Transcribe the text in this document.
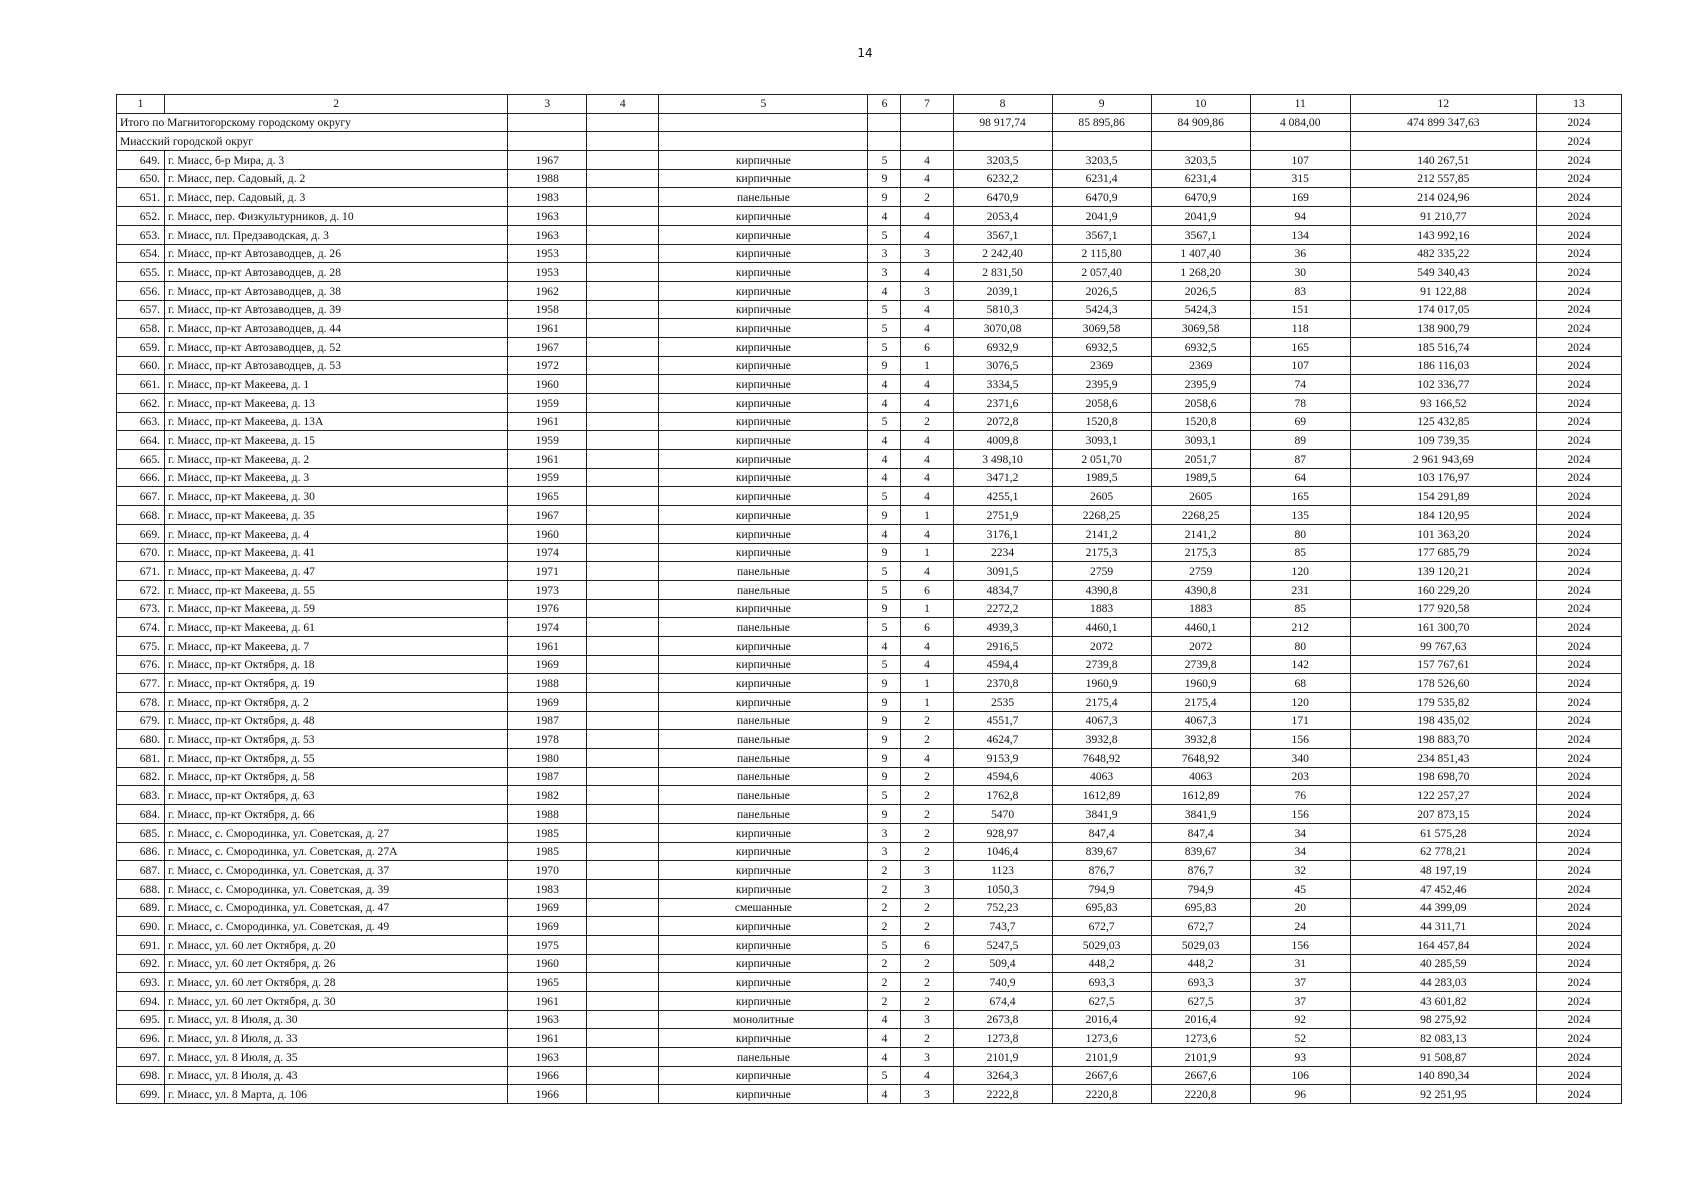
14
1	2	3	4	5	6	7	8	9	10	11	12	13
Итого по Магнитогорскому городскому округу							98 917,74	85 895,86	84 909,86	4 084,00	474 899 347,63	2024
Миасский городской округ												2024
649.	г. Миасс, б-р Мира, д. 3	1967		кирпичные	5	4	3203,5	3203,5	3203,5	107	140 267,51	2024
650.	г. Миасс, пер. Садовый, д. 2	1988		кирпичные	9	4	6232,2	6231,4	6231,4	315	212 557,85	2024
651.	г. Миасс, пер. Садовый, д. 3	1983		панельные	9	2	6470,9	6470,9	6470,9	169	214 024,96	2024
652.	г. Миасс, пер. Физкультурников, д. 10	1963		кирпичные	4	4	2053,4	2041,9	2041,9	94	91 210,77	2024
653.	г. Миасс, пл. Предзаводская, д. 3	1963		кирпичные	5	4	3567,1	3567,1	3567,1	134	143 992,16	2024
654.	г. Миасс, пр-кт Автозаводцев, д. 26	1953		кирпичные	3	3	2 242,40	2 115,80	1 407,40	36	482 335,22	2024
655.	г. Миасс, пр-кт Автозаводцев, д. 28	1953		кирпичные	3	4	2 831,50	2 057,40	1 268,20	30	549 340,43	2024
656.	г. Миасс, пр-кт Автозаводцев, д. 38	1962		кирпичные	4	3	2039,1	2026,5	2026,5	83	91 122,88	2024
657.	г. Миасс, пр-кт Автозаводцев, д. 39	1958		кирпичные	5	4	5810,3	5424,3	5424,3	151	174 017,05	2024
658.	г. Миасс, пр-кт Автозаводцев, д. 44	1961		кирпичные	5	4	3070,08	3069,58	3069,58	118	138 900,79	2024
659.	г. Миасс, пр-кт Автозаводцев, д. 52	1967		кирпичные	5	6	6932,9	6932,5	6932,5	165	185 516,74	2024
660.	г. Миасс, пр-кт Автозаводцев, д. 53	1972		кирпичные	9	1	3076,5	2369	2369	107	186 116,03	2024
661.	г. Миасс, пр-кт Макеева, д. 1	1960		кирпичные	4	4	3334,5	2395,9	2395,9	74	102 336,77	2024
662.	г. Миасс, пр-кт Макеева, д. 13	1959		кирпичные	4	4	2371,6	2058,6	2058,6	78	93 166,52	2024
663.	г. Миасс, пр-кт Макеева, д. 13А	1961		кирпичные	5	2	2072,8	1520,8	1520,8	69	125 432,85	2024
664.	г. Миасс, пр-кт Макеева, д. 15	1959		кирпичные	4	4	4009,8	3093,1	3093,1	89	109 739,35	2024
665.	г. Миасс, пр-кт Макеева, д. 2	1961		кирпичные	4	4	3 498,10	2 051,70	2051,7	87	2 961 943,69	2024
666.	г. Миасс, пр-кт Макеева, д. 3	1959		кирпичные	4	4	3471,2	1989,5	1989,5	64	103 176,97	2024
667.	г. Миасс, пр-кт Макеева, д. 30	1965		кирпичные	5	4	4255,1	2605	2605	165	154 291,89	2024
668.	г. Миасс, пр-кт Макеева, д. 35	1967		кирпичные	9	1	2751,9	2268,25	2268,25	135	184 120,95	2024
669.	г. Миасс, пр-кт Макеева, д. 4	1960		кирпичные	4	4	3176,1	2141,2	2141,2	80	101 363,20	2024
670.	г. Миасс, пр-кт Макеева, д. 41	1974		кирпичные	9	1	2234	2175,3	2175,3	85	177 685,79	2024
671.	г. Миасс, пр-кт Макеева, д. 47	1971		панельные	5	4	3091,5	2759	2759	120	139 120,21	2024
672.	г. Миасс, пр-кт Макеева, д. 55	1973		панельные	5	6	4834,7	4390,8	4390,8	231	160 229,20	2024
673.	г. Миасс, пр-кт Макеева, д. 59	1976		кирпичные	9	1	2272,2	1883	1883	85	177 920,58	2024
674.	г. Миасс, пр-кт Макеева, д. 61	1974		панельные	5	6	4939,3	4460,1	4460,1	212	161 300,70	2024
675.	г. Миасс, пр-кт Макеева, д. 7	1961		кирпичные	4	4	2916,5	2072	2072	80	99 767,63	2024
676.	г. Миасс, пр-кт Октября, д. 18	1969		кирпичные	5	4	4594,4	2739,8	2739,8	142	157 767,61	2024
677.	г. Миасс, пр-кт Октября, д. 19	1988		кирпичные	9	1	2370,8	1960,9	1960,9	68	178 526,60	2024
678.	г. Миасс, пр-кт Октября, д. 2	1969		кирпичные	9	1	2535	2175,4	2175,4	120	179 535,82	2024
679.	г. Миасс, пр-кт Октября, д. 48	1987		панельные	9	2	4551,7	4067,3	4067,3	171	198 435,02	2024
680.	г. Миасс, пр-кт Октября, д. 53	1978		панельные	9	2	4624,7	3932,8	3932,8	156	198 883,70	2024
681.	г. Миасс, пр-кт Октября, д. 55	1980		панельные	9	4	9153,9	7648,92	7648,92	340	234 851,43	2024
682.	г. Миасс, пр-кт Октября, д. 58	1987		панельные	9	2	4594,6	4063	4063	203	198 698,70	2024
683.	г. Миасс, пр-кт Октября, д. 63	1982		панельные	5	2	1762,8	1612,89	1612,89	76	122 257,27	2024
684.	г. Миасс, пр-кт Октября, д. 66	1988		панельные	9	2	5470	3841,9	3841,9	156	207 873,15	2024
685.	г. Миасс, с. Смородинка, ул. Советская, д. 27	1985		кирпичные	3	2	928,97	847,4	847,4	34	61 575,28	2024
686.	г. Миасс, с. Смородинка, ул. Советская, д. 27А	1985		кирпичные	3	2	1046,4	839,67	839,67	34	62 778,21	2024
687.	г. Миасс, с. Смородинка, ул. Советская, д. 37	1970		кирпичные	2	3	1123	876,7	876,7	32	48 197,19	2024
688.	г. Миасс, с. Смородинка, ул. Советская, д. 39	1983		кирпичные	2	3	1050,3	794,9	794,9	45	47 452,46	2024
689.	г. Миасс, с. Смородинка, ул. Советская, д. 47	1969		смешанные	2	2	752,23	695,83	695,83	20	44 399,09	2024
690.	г. Миасс, с. Смородинка, ул. Советская, д. 49	1969		кирпичные	2	2	743,7	672,7	672,7	24	44 311,71	2024
691.	г. Миасс, ул. 60 лет Октября, д. 20	1975		кирпичные	5	6	5247,5	5029,03	5029,03	156	164 457,84	2024
692.	г. Миасс, ул. 60 лет Октября, д. 26	1960		кирпичные	2	2	509,4	448,2	448,2	31	40 285,59	2024
693.	г. Миасс, ул. 60 лет Октября, д. 28	1965		кирпичные	2	2	740,9	693,3	693,3	37	44 283,03	2024
694.	г. Миасс, ул. 60 лет Октября, д. 30	1961		кирпичные	2	2	674,4	627,5	627,5	37	43 601,82	2024
695.	г. Миасс, ул. 8 Июля, д. 30	1963		монолитные	4	3	2673,8	2016,4	2016,4	92	98 275,92	2024
696.	г. Миасс, ул. 8 Июля, д. 33	1961		кирпичные	4	2	1273,8	1273,6	1273,6	52	82 083,13	2024
697.	г. Миасс, ул. 8 Июля, д. 35	1963		панельные	4	3	2101,9	2101,9	2101,9	93	91 508,87	2024
698.	г. Миасс, ул. 8 Июля, д. 43	1966		кирпичные	5	4	3264,3	2667,6	2667,6	106	140 890,34	2024
699.	г. Миасс, ул. 8 Марта, д. 106	1966		кирпичные	4	3	2222,8	2220,8	2220,8	96	92 251,95	2024
